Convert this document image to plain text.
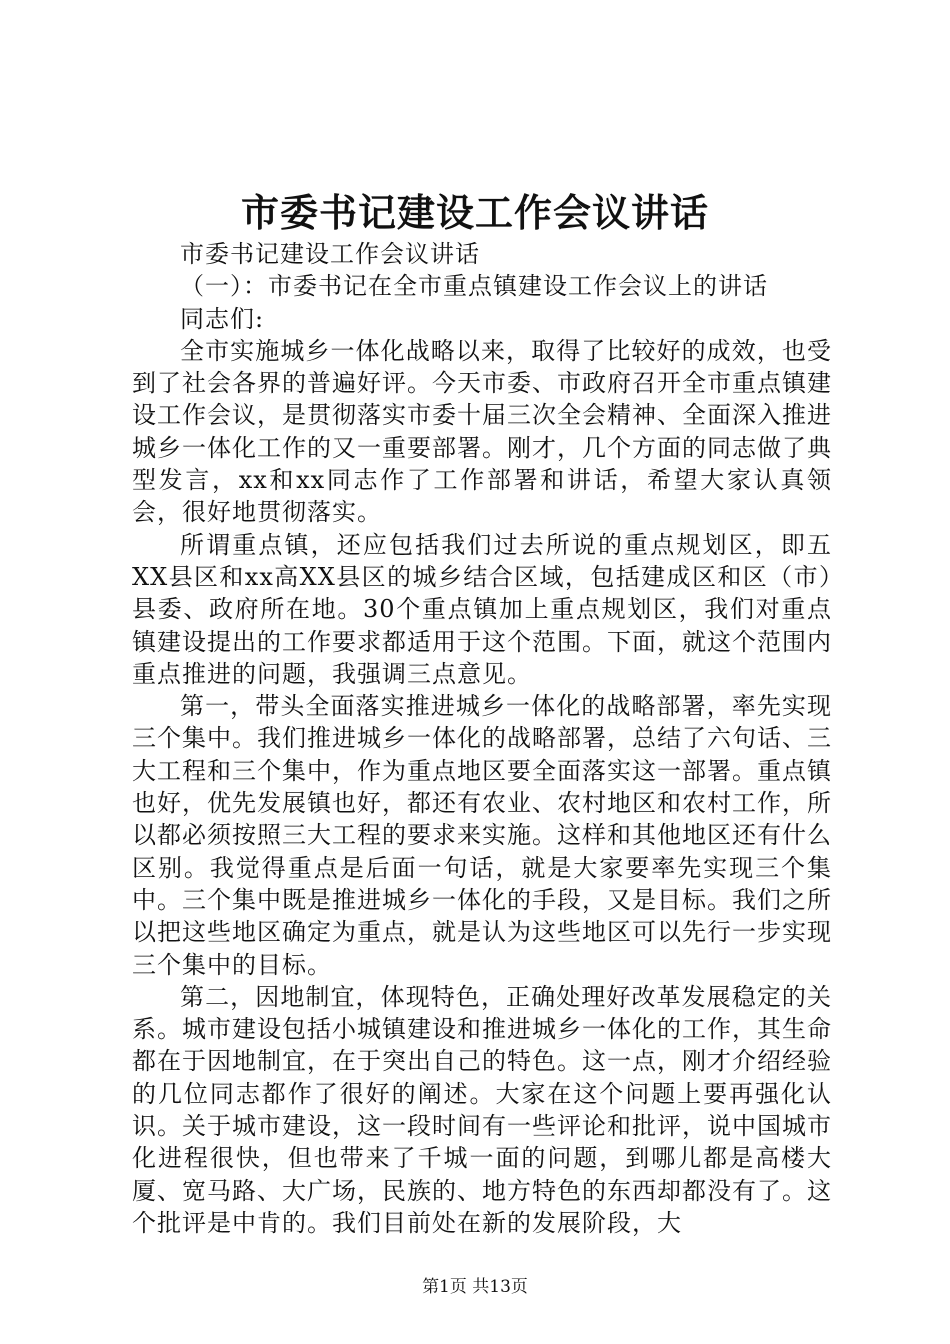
市委书记建设工作会议讲话

市委书记建设工作会议讲话

（一）：市委书记在全市重点镇建设工作会议上的讲话

同志们:

全市实施城乡一体化战略以来，取得了比较好的成效，也受到了社会各界的普遍好评。今天市委、市政府召开全市重点镇建设工作会议，是贯彻落实市委十届三次全会精神、全面深入推进城乡一体化工作的又一重要部署。刚才，几个方面的同志做了典型发言，xx和xx同志作了工作部署和讲话，希望大家认真领会，很好地贯彻落实。

所谓重点镇，还应包括我们过去所说的重点规划区，即五XX县区和xx高XX县区的城乡结合区域，包括建成区和区（市）县委、政府所在地。30个重点镇加上重点规划区，我们对重点镇建设提出的工作要求都适用于这个范围。下面，就这个范围内重点推进的问题，我强调三点意见。

第一，带头全面落实推进城乡一体化的战略部署，率先实现三个集中。我们推进城乡一体化的战略部署，总结了六句话、三大工程和三个集中，作为重点地区要全面落实这一部署。重点镇也好，优先发展镇也好，都还有农业、农村地区和农村工作，所以都必须按照三大工程的要求来实施。这样和其他地区还有什么区别。我觉得重点是后面一句话，就是大家要率先实现三个集中。三个集中既是推进城乡一体化的手段，又是目标。我们之所以把这些地区确定为重点，就是认为这些地区可以先行一步实现三个集中的目标。

第二，因地制宜，体现特色，正确处理好改革发展稳定的关系。城市建设包括小城镇建设和推进城乡一体化的工作，其生命都在于因地制宜，在于突出自己的特色。这一点，刚才介绍经验的几位同志都作了很好的阐述。大家在这个问题上要再强化认识。关于城市建设，这一段时间有一些评论和批评，说中国城市化进程很快，但也带来了千城一面的问题，到哪儿都是高楼大厦、宽马路、大广场，民族的、地方特色的东西却都没有了。这个批评是中肯的。我们目前处在新的发展阶段，大

第1页 共13页
